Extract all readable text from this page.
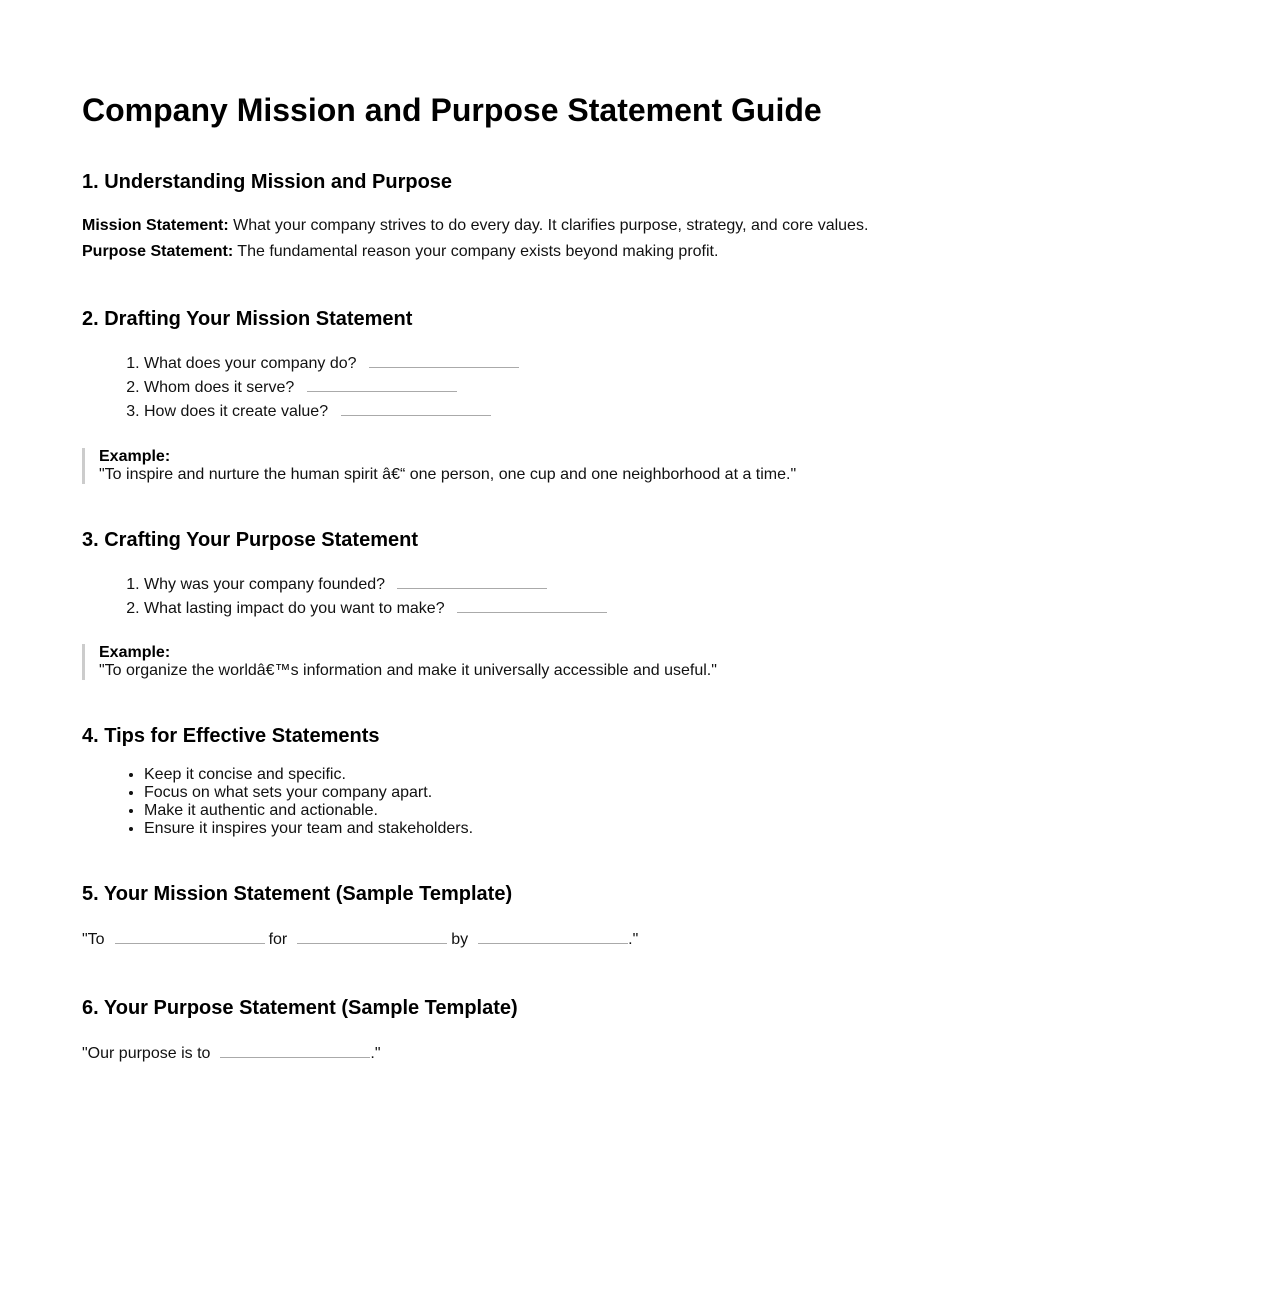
Company Mission and Purpose Statement Guide
1. Understanding Mission and Purpose

Mission Statement: What your company strives to do every day. It clarifies purpose, strategy, and core values.

Purpose Statement: The fundamental reason your company exists beyond making profit.

2. Drafting Your Mission Statement
1. What does your company do?
2. Whom does it serve?
3. How does it create value?
Example:
"To inspire and nurture the human spirit â€“ one person, one cup and one neighborhood at a time."
3. Crafting Your Purpose Statement
1. Why was your company founded?
2. What lasting impact do you want to make?
Example:
"To organize the worldâ€™s information and make it universally accessible and useful."
4. Tips for Effective Statements
• Keep it concise and specific.
• Focus on what sets your company apart.
• Make it authentic and actionable.
• Ensure it inspires your team and stakeholders.
5. Your Mission Statement (Sample Template)

"To	for	by	."

6. Your Purpose Statement (Sample Template)

"Our purpose is to	."
